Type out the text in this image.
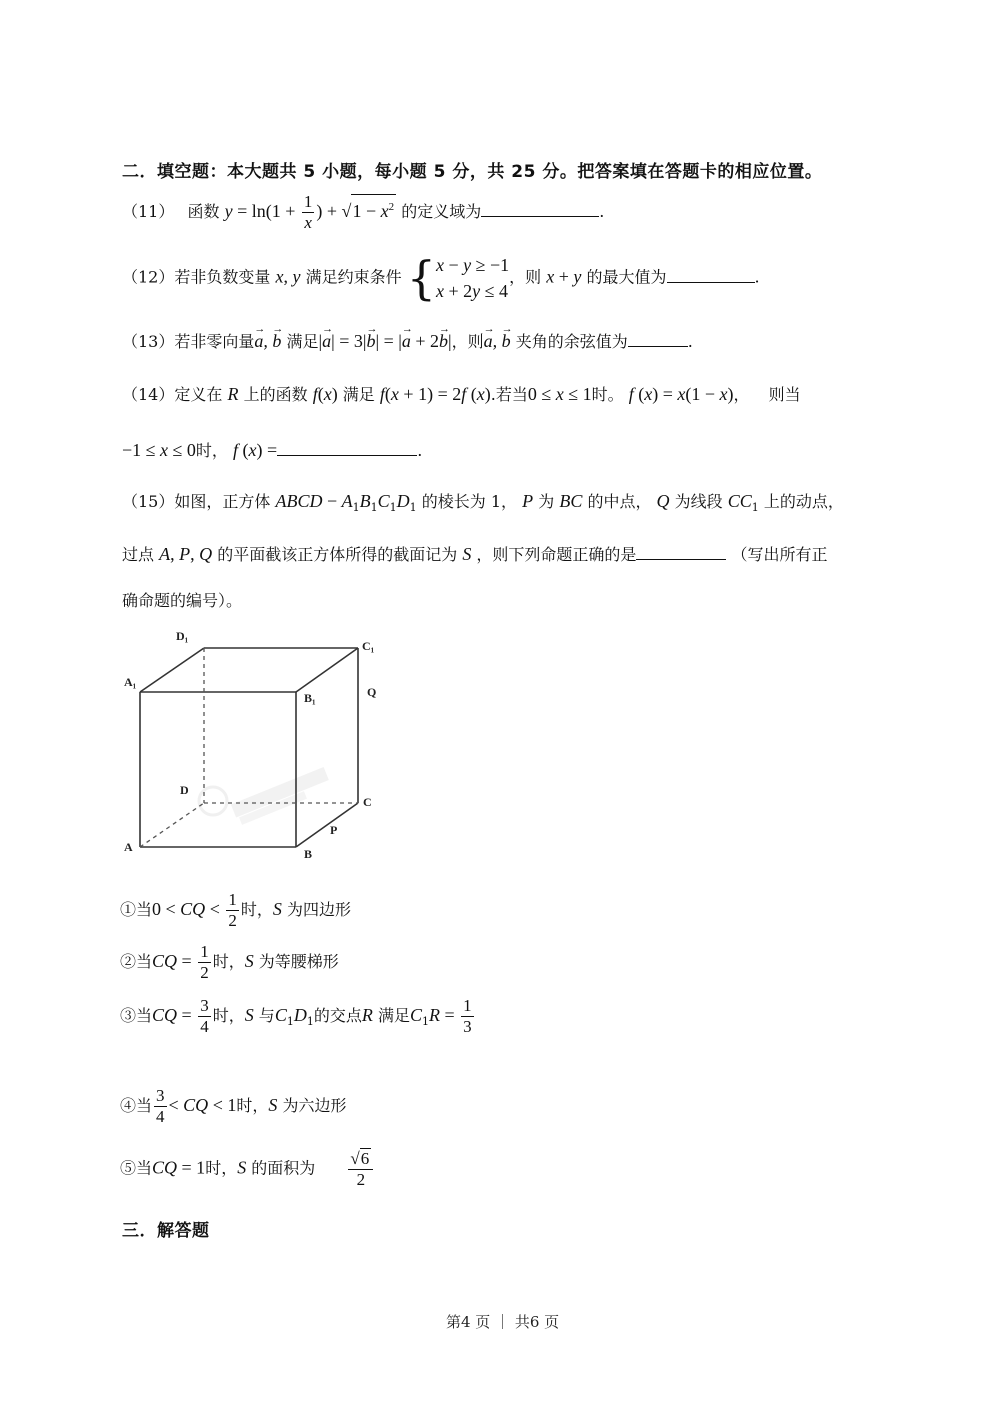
二．填空题：本大题共 5 小题，每小题 5 分，共 25 分。把答案填在答题卡的相应位置。
（11） 函数 $y = \ln(1 + \frac{1}{x}$ ) + $√1 - x^2$ 的定义域为	.
（12）若非负数变量 x, y 满足约束条件 { x − y ≥ −1
x + 2y ≤ 4
，则 x + y 的最大值为	.
（13）若非零向量→ a, → b 满足|→ a| = 3|→ b| = |→ a + 2→ b|，则→ a, → b 夹角的余弦值为	.
（14）定义在 R 上的函数 f(x) 满足 f(x + 1) = 2f (x).若当0 ≤ x ≤ 1时。 f (x) = x(1 − x)， 则当
−1 ≤ x ≤ 0时， f (x) =	.
（15）如图，正方体 ABCD − $A_1B_1C_1D_1$ 的棱长为 1， P 为 BC 的中点， Q 为线段 $CC_1$ 上的动点，
过点 A, P, Q 的平面截该正方体所得的截面记为 S ，则下列命题正确的是	（写出所有正
确命题的编号）。
D₁
C₁
A₁
B₁	Q
D
C
P
A	B
①当0 < CQ < $\frac{1}{2}$ 时，S 为四边形
②当CQ = $\frac{1}{2}$ 时，S 为等腰梯形
③当CQ = $\frac{3}{4}$ 时，S 与$C_1D_1$的交点R 满足$C_1R = \frac{1}{3}$
④当 $\frac{3}{4}$ < CQ < 1时，S 为六边形
⑤当CQ = 1时，S 的面积为 $\frac{√6}{2}$
三．解答题
第4 页 ｜ 共6 页
